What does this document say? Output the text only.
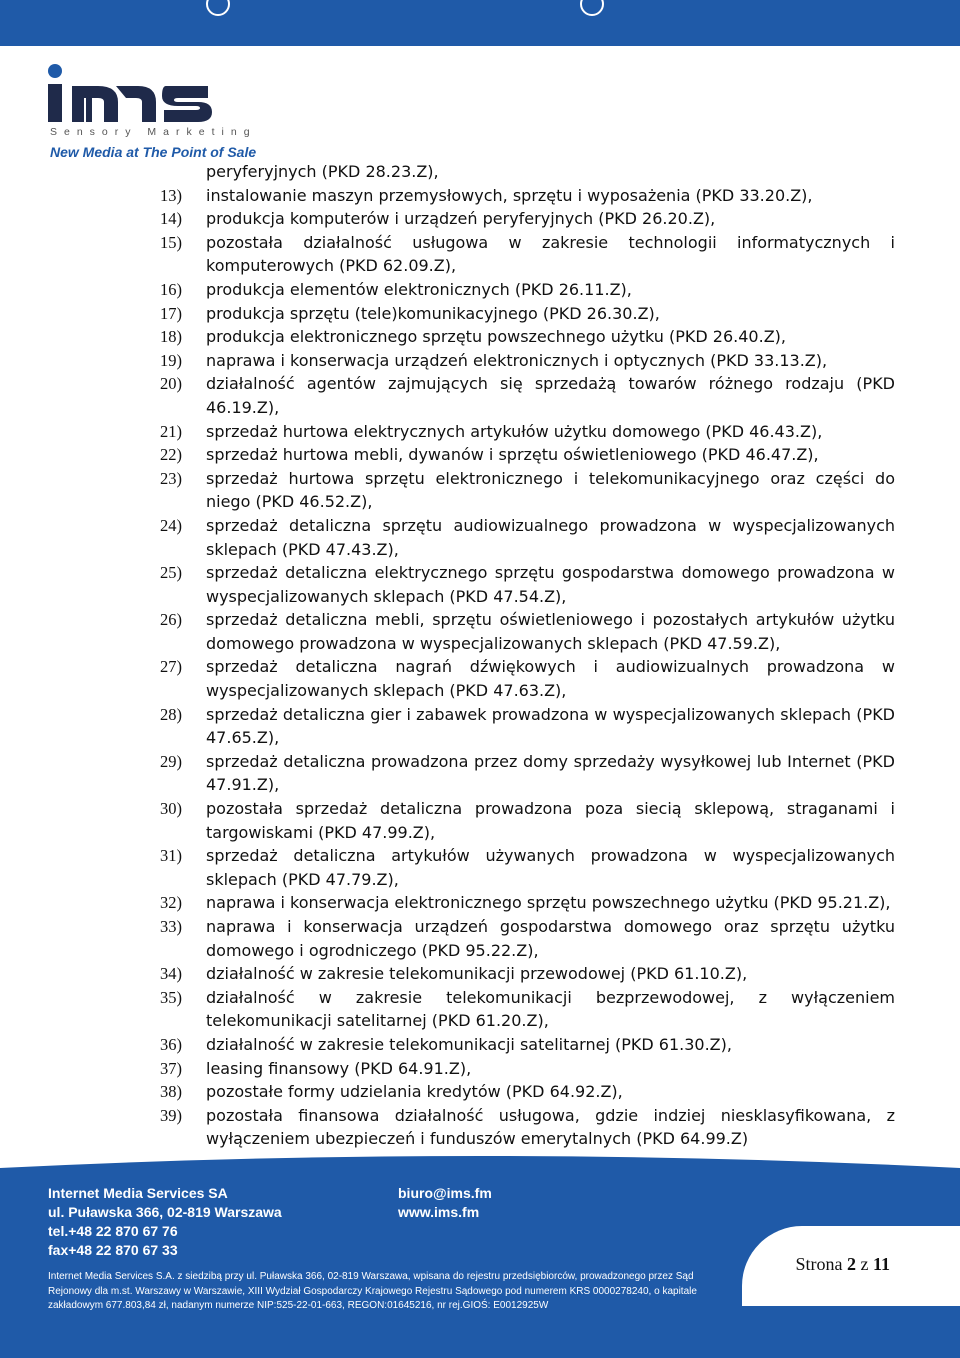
Sensory Marketing
New Media at The Point of Sale
peryferyjnych (PKD 28.23.Z),
13)	instalowanie maszyn przemysłowych, sprzętu i wyposażenia (PKD 33.20.Z),
14)	produkcja komputerów i urządzeń peryferyjnych (PKD 26.20.Z),
15)	pozostała działalność usługowa w zakresie technologii informatycznych i komputerowych (PKD 62.09.Z),
16)	produkcja elementów elektronicznych (PKD 26.11.Z),
17)	produkcja sprzętu (tele)komunikacyjnego (PKD 26.30.Z),
18)	produkcja elektronicznego sprzętu powszechnego użytku (PKD 26.40.Z),
19)	naprawa i konserwacja urządzeń elektronicznych i optycznych (PKD 33.13.Z),
20)	działalność agentów zajmujących się sprzedażą towarów różnego rodzaju (PKD 46.19.Z),
21)	sprzedaż hurtowa elektrycznych artykułów użytku domowego (PKD 46.43.Z),
22)	sprzedaż hurtowa mebli, dywanów i sprzętu oświetleniowego (PKD 46.47.Z),
23)	sprzedaż hurtowa sprzętu elektronicznego i telekomunikacyjnego oraz części do niego (PKD 46.52.Z),
24)	sprzedaż detaliczna sprzętu audiowizualnego prowadzona w wyspecjalizowanych sklepach (PKD 47.43.Z),
25)	sprzedaż detaliczna elektrycznego sprzętu gospodarstwa domowego prowadzona w wyspecjalizowanych sklepach (PKD 47.54.Z),
26)	sprzedaż detaliczna mebli, sprzętu oświetleniowego i pozostałych artykułów użytku domowego prowadzona w wyspecjalizowanych sklepach (PKD 47.59.Z),
27)	sprzedaż detaliczna nagrań dźwiękowych i audiowizualnych prowadzona w wyspecjalizowanych sklepach (PKD 47.63.Z),
28)	sprzedaż detaliczna gier i zabawek prowadzona w wyspecjalizowanych sklepach (PKD 47.65.Z),
29)	sprzedaż detaliczna prowadzona przez domy sprzedaży wysyłkowej lub Internet (PKD 47.91.Z),
30)	pozostała sprzedaż detaliczna prowadzona poza siecią sklepową, straganami i targowiskami (PKD 47.99.Z),
31)	sprzedaż detaliczna artykułów używanych prowadzona w wyspecjalizowanych sklepach (PKD 47.79.Z),
32)	naprawa i konserwacja elektronicznego sprzętu powszechnego użytku (PKD 95.21.Z),
33)	naprawa i konserwacja urządzeń gospodarstwa domowego oraz sprzętu użytku domowego i ogrodniczego (PKD 95.22.Z),
34)	działalność w zakresie telekomunikacji przewodowej (PKD 61.10.Z),
35)	działalność w zakresie telekomunikacji bezprzewodowej, z wyłączeniem telekomunikacji satelitarnej (PKD 61.20.Z),
36)	działalność w zakresie telekomunikacji satelitarnej (PKD 61.30.Z),
37)	leasing finansowy (PKD 64.91.Z),
38)	pozostałe formy udzielania kredytów (PKD 64.92.Z),
39)	pozostała finansowa działalność usługowa, gdzie indziej niesklasyfikowana, z wyłączeniem ubezpieczeń i funduszów emerytalnych (PKD 64.99.Z)
Internet Media Services SA
ul. Puławska 366, 02-819 Warszawa
tel.+48 22 870 67 76
fax+48 22 870 67 33
biuro@ims.fm
www.ims.fm
Internet Media Services S.A. z siedzibą przy ul. Puławska 366, 02-819 Warszawa, wpisana do rejestru przedsiębiorców, prowadzonego przez Sąd Rejonowy dla m.st. Warszawy w Warszawie, XIII Wydział Gospodarczy Krajowego Rejestru Sądowego pod numerem KRS 0000278240, o kapitale zakładowym 677.803,84 zł, nadanym numerze NIP:525-22-01-663, REGON:01645216, nr rej.GIOŚ: E0012925W
Strona 2 z 11
